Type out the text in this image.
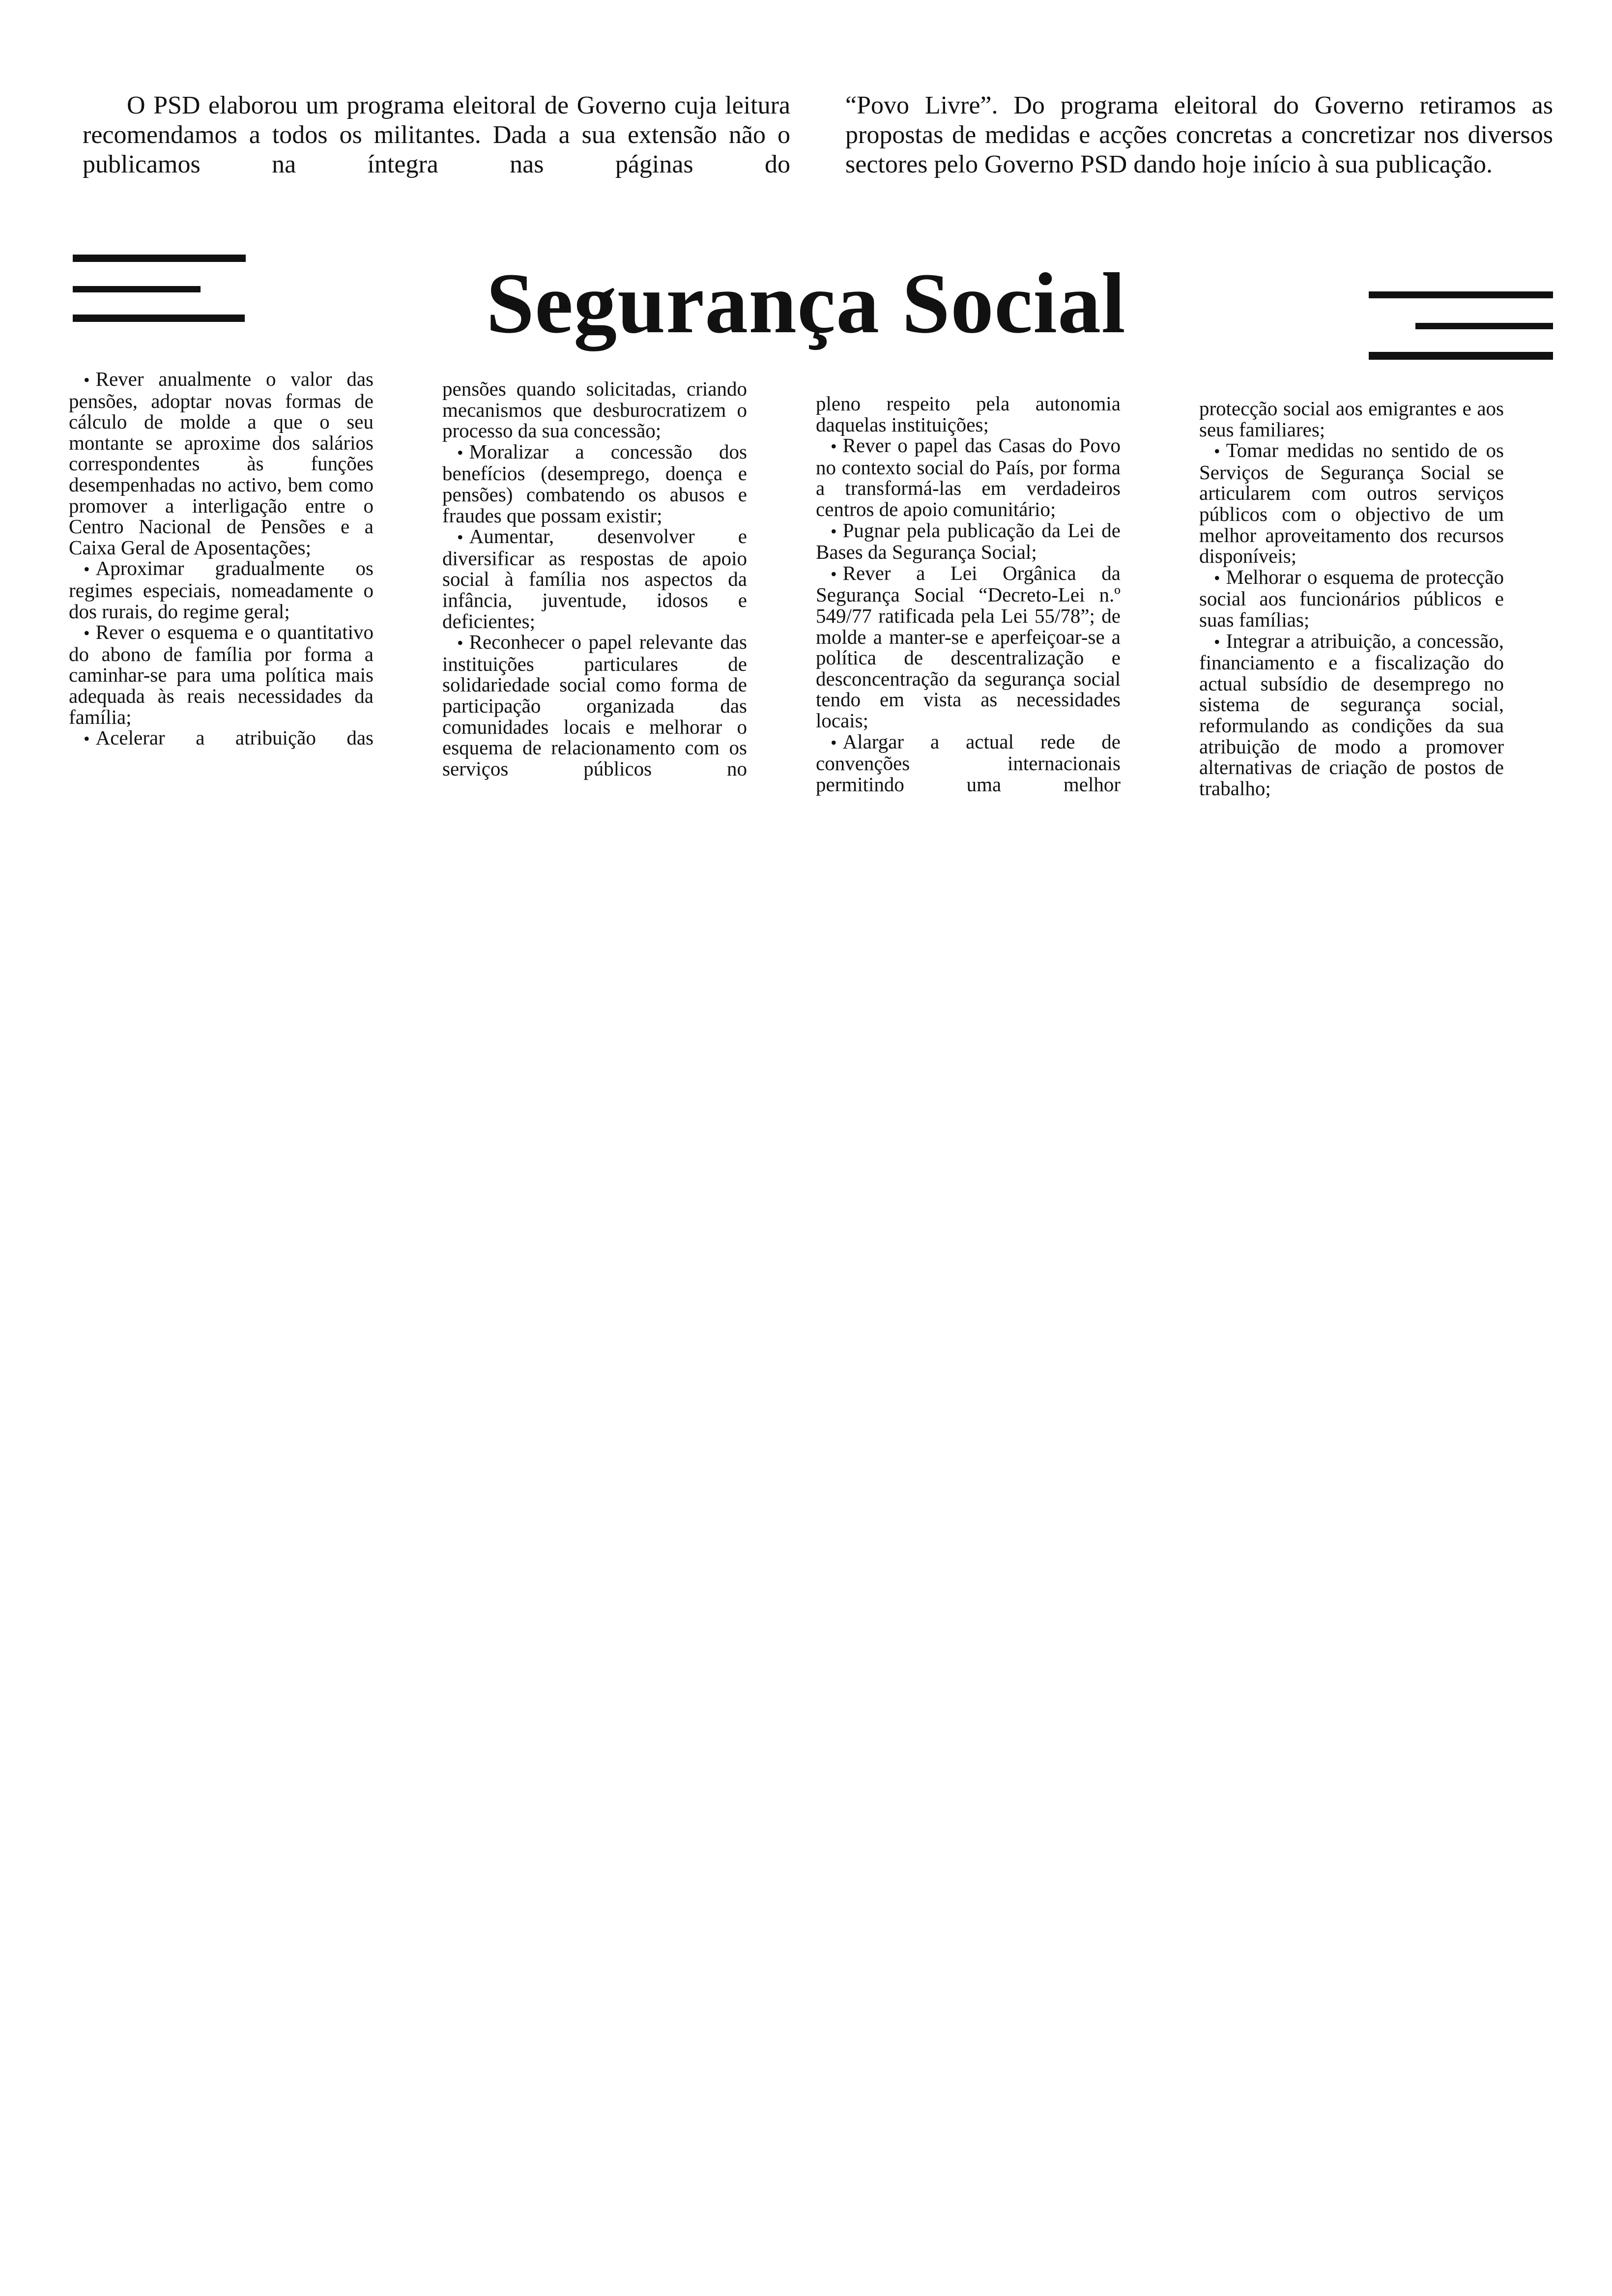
O PSD elaborou um programa eleitoral de Governo cuja leitura recomendamos a todos os militantes. Dada a sua extensão não o publicamos na íntegra nas páginas do

“Povo Livre”. Do programa eleitoral do Governo retiramos as propostas de medidas e acções concretas a concretizar nos diversos sectores pelo Governo PSD dando hoje início à sua publicação.

Segurança Social

• Rever anualmente o valor das pensões, adoptar novas formas de cálculo de molde a que o seu montante se aproxime dos salários correspondentes às funções desempenhadas no activo, bem como promover a interligação entre o Centro Nacional de Pensões e a Caixa Geral de Aposentações;

• Aproximar gradualmente os regimes especiais, nomeadamente o dos rurais, do regime geral;

• Rever o esquema e o quantitativo do abono de família por forma a caminhar-se para uma política mais adequada às reais necessidades da família;

• Acelerar a atribuição das

pensões quando solicitadas, criando mecanismos que desburocratizem o processo da sua concessão;

• Moralizar a concessão dos benefícios (desemprego, doença e pensões) combatendo os abusos e fraudes que possam existir;

• Aumentar, desenvolver e diversificar as respostas de apoio social à família nos aspectos da infância, juventude, idosos e deficientes;

• Reconhecer o papel relevante das instituições particulares de solidariedade social como forma de participação organizada das comunidades locais e melhorar o esquema de relacionamento com os serviços públicos no

pleno respeito pela autonomia daquelas instituições;

• Rever o papel das Casas do Povo no contexto social do País, por forma a transformá-las em verdadeiros centros de apoio comunitário;

• Pugnar pela publicação da Lei de Bases da Segurança Social;

• Rever a Lei Orgânica da Segurança Social “Decreto-Lei n.º 549/77 ratificada pela Lei 55/78”; de molde a manter-se e aperfeiçoar-se a política de descentralização e desconcentração da segurança social tendo em vista as necessidades locais;

• Alargar a actual rede de convenções internacionais permitindo uma melhor

protecção social aos emigrantes e aos seus familiares;

• Tomar medidas no sentido de os Serviços de Segurança Social se articularem com outros serviços públicos com o objectivo de um melhor aproveitamento dos recursos disponíveis;

• Melhorar o esquema de protecção social aos funcionários públicos e suas famílias;

• Integrar a atribuição, a concessão, financiamento e a fiscalização do actual subsídio de desemprego no sistema de segurança social, reformulando as condições da sua atribuição de modo a promover alternativas de criação de postos de trabalho;
